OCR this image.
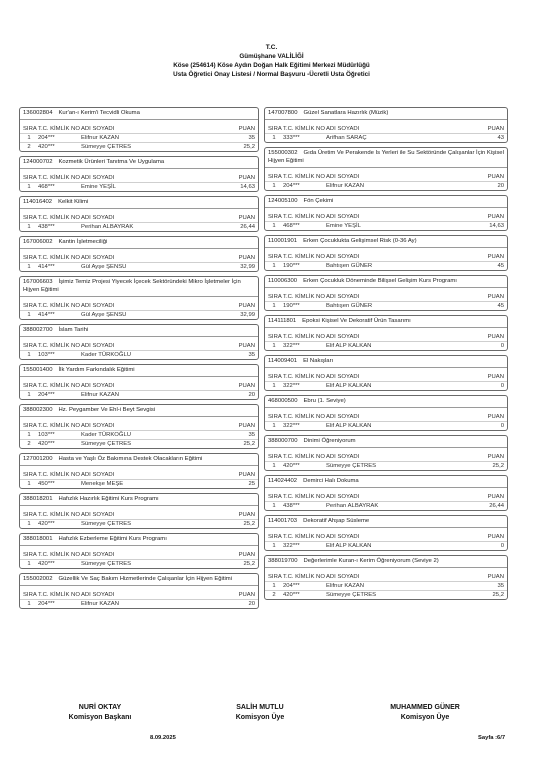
T.C.
Gümüşhane VALİLİĞİ
Köse (254614) Köse Aydın Doğan Halk Eğitimi Merkezi Müdürlüğü
Usta Öğretici Onay Listesi / Normal Başvuru -Ücretli Usta Öğretici
136002804 Kur'an-ı Kerim'i Tecvidli Okuma
SIRA T.C. KİMLİK NO ADI SOYADI	PUAN
1	204***	Elifnur KAZAN	35
2	420***	Sümeyye ÇETRES	25,2
124000702 Kozmetik Ürünleri Tanıtma Ve Uygulama
SIRA T.C. KİMLİK NO ADI SOYADI	PUAN
1	468***	Emine YEŞİL	14,63
114016402 Kelkit Kilimi
SIRA T.C. KİMLİK NO ADI SOYADI	PUAN
1	438***	Perihan ALBAYRAK	26,44
167006002 Kantin İşletmeciliği
SIRA T.C. KİMLİK NO ADI SOYADI	PUAN
1	414***	Gül Ayşe ŞENSU	32,99
167006603 İşimiz Temiz Projesi Yiyecek İçecek Sektöründeki Mikro İşletmeler İçin Hijyen Eğitimi
SIRA T.C. KİMLİK NO ADI SOYADI	PUAN
1	414***	Gül Ayşe ŞENSU	32,99
388002700 İslam Tarihi
SIRA T.C. KİMLİK NO ADI SOYADI	PUAN
1	103***	Kader TÜRKOĞLU	35
155001400 İlk Yardım Farkındalık Eğitimi
SIRA T.C. KİMLİK NO ADI SOYADI	PUAN
1	204***	Elifnur KAZAN	20
388002300 Hz. Peygamber Ve Ehl-i Beyt Sevgisi
SIRA T.C. KİMLİK NO ADI SOYADI	PUAN
1	103***	Kader TÜRKOĞLU	35
2	420***	Sümeyye ÇETRES	25,2
127001200 Hasta ve Yaşlı Öz Bakımına Destek Olacakların Eğitimi
SIRA T.C. KİMLİK NO ADI SOYADI	PUAN
1	450***	Menekşe MEŞE	25
388018201 Hafızlık Hazırlık Eğitimi Kurs Programı
SIRA T.C. KİMLİK NO ADI SOYADI	PUAN
1	420***	Sümeyye ÇETRES	25,2
388018001 Hafızlık Ezberleme Eğitimi Kurs Programı
SIRA T.C. KİMLİK NO ADI SOYADI	PUAN
1	420***	Sümeyye ÇETRES	25,2
155002002 Güzellik Ve Saç Bakım Hizmetlerinde Çalışanlar İçin Hijyen Eğitimi
SIRA T.C. KİMLİK NO ADI SOYADI	PUAN
1	204***	Elifnur KAZAN	20
147007800 Güzel Sanatlara Hazırlık (Müzik)
SIRA T.C. KİMLİK NO ADI SOYADI	PUAN
1	333***	Arifhan SARAÇ	43
155000302 Gıda Üretim Ve Perakende Is Yerleri ile Su Sektöründe Çalışanlar İçin Kişisel Hijyen Eğitimi
SIRA T.C. KİMLİK NO ADI SOYADI	PUAN
1	204***	Elifnur KAZAN	20
124005100 Fön Çekimi
SIRA T.C. KİMLİK NO ADI SOYADI	PUAN
1	468***	Emine YEŞİL	14,63
110001901 Erken Çocuklukta Gelişimsel Risk (0-36 Ay)
SIRA T.C. KİMLİK NO ADI SOYADI	PUAN
1	190***	Bahtışen GÜNER	45
110006300 Erken Çocukluk Döneminde Bilişsel Gelişim Kurs Programı
SIRA T.C. KİMLİK NO ADI SOYADI	PUAN
1	190***	Bahtışen GÜNER	45
114111801 Epoksi Kişisel Ve Dekoratif Ürün Tasarımı
SIRA T.C. KİMLİK NO ADI SOYADI	PUAN
1	322***	Elif ALP KALKAN	0
114009401 El Nakışları
SIRA T.C. KİMLİK NO ADI SOYADI	PUAN
1	322***	Elif ALP KALKAN	0
468000500 Ebru (1. Seviye)
SIRA T.C. KİMLİK NO ADI SOYADI	PUAN
1	322***	Elif ALP KALKAN	0
388000700 Dinimi Öğreniyorum
SIRA T.C. KİMLİK NO ADI SOYADI	PUAN
1	420***	Sümeyye ÇETRES	25,2
114024402 Demirci Halı Dokuma
SIRA T.C. KİMLİK NO ADI SOYADI	PUAN
1	438***	Perihan ALBAYRAK	26,44
114001703 Dekoratif Ahşap Süsleme
SIRA T.C. KİMLİK NO ADI SOYADI	PUAN
1	322***	Elif ALP KALKAN	0
388019700 Değerlerimle Kuran-ı Kerim Öğreniyorum (Seviye 2)
SIRA T.C. KİMLİK NO ADI SOYADI	PUAN
1	204***	Elifnur KAZAN	35
2	420***	Sümeyye ÇETRES	25,2
NURİ OKTAY
Komisyon Başkanı
SALİH MUTLU
Komisyon Üye
MUHAMMED GÜNER
Komisyon Üye
8.09.2025	Sayfa :6/7
